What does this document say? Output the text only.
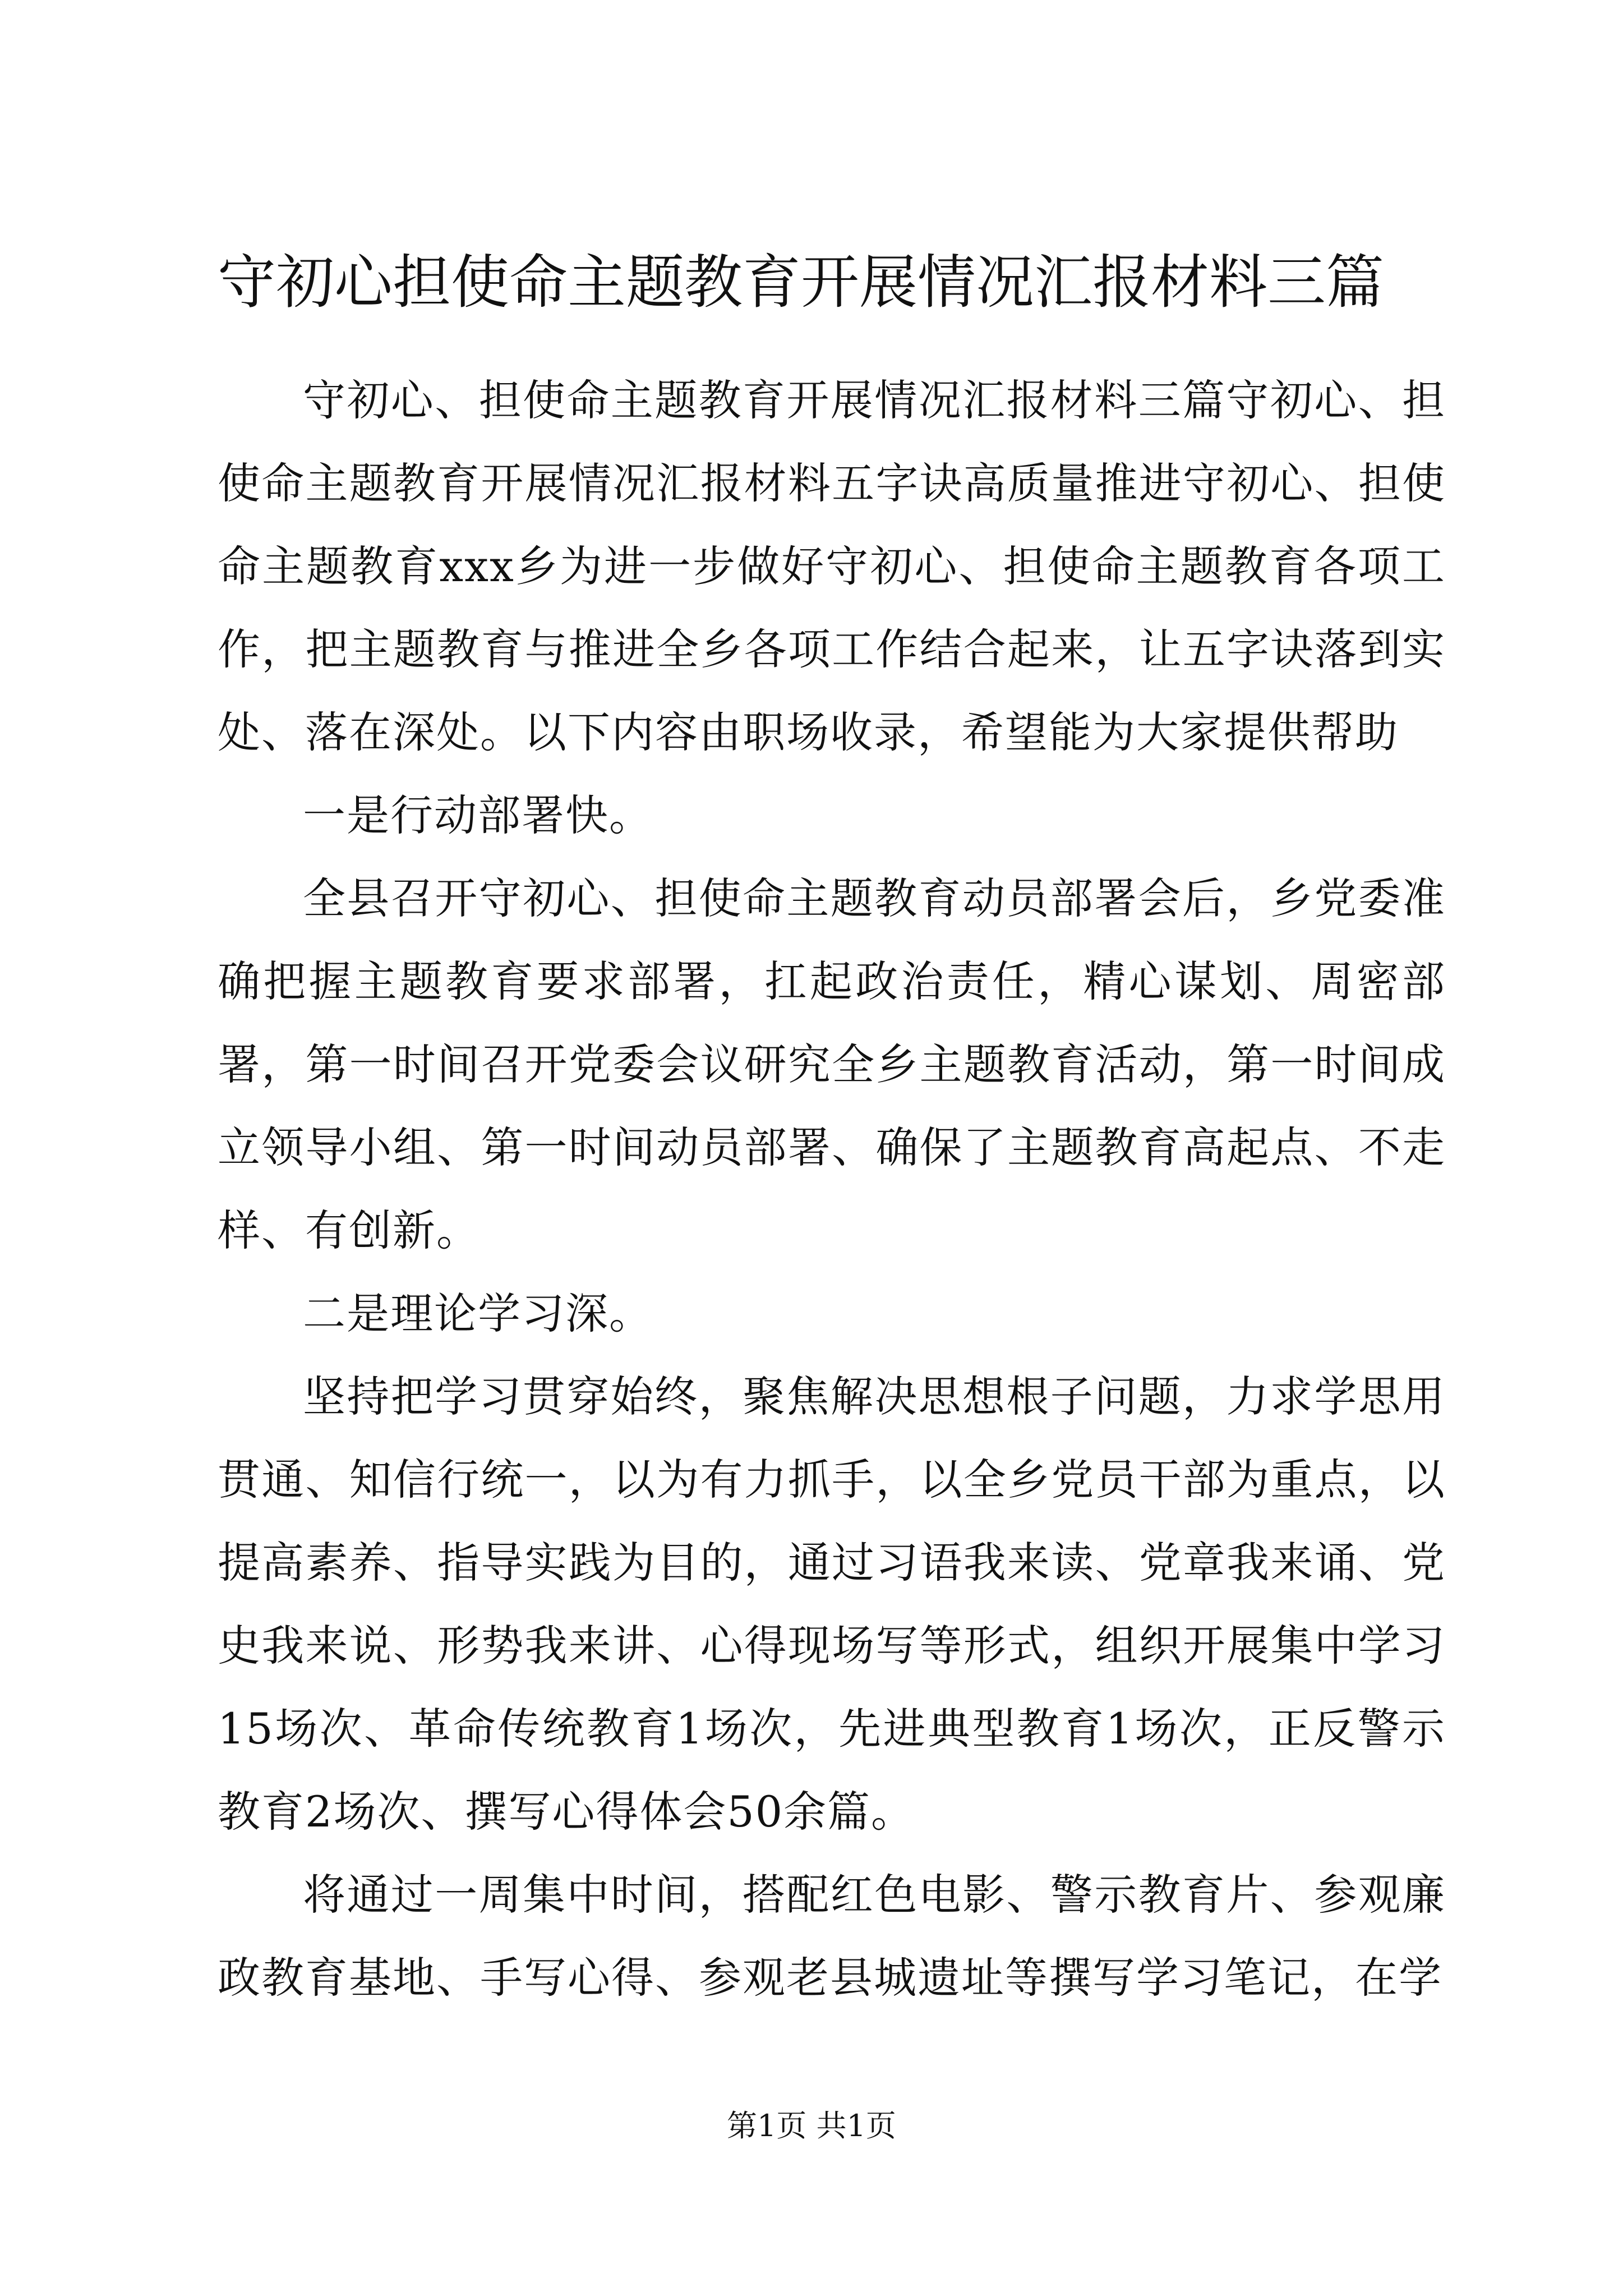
守初心担使命主题教育开展情况汇报材料三篇

守初心、担使命主题教育开展情况汇报材料三篇守初心、担使命主题教育开展情况汇报材料五字诀高质量推进守初心、担使命主题教育xxx乡为进一步做好守初心、担使命主题教育各项工作，把主题教育与推进全乡各项工作结合起来，让五字诀落到实处、落在深处。以下内容由职场收录，希望能为大家提供帮助

一是行动部署快。

全县召开守初心、担使命主题教育动员部署会后，乡党委准确把握主题教育要求部署，扛起政治责任，精心谋划、周密部署，第一时间召开党委会议研究全乡主题教育活动，第一时间成立领导小组、第一时间动员部署、确保了主题教育高起点、不走样、有创新。

二是理论学习深。

坚持把学习贯穿始终，聚焦解决思想根子问题，力求学思用贯通、知信行统一，以为有力抓手，以全乡党员干部为重点，以提高素养、指导实践为目的，通过习语我来读、党章我来诵、党史我来说、形势我来讲、心得现场写等形式，组织开展集中学习15场次、革命传统教育1场次，先进典型教育1场次，正反警示教育2场次、撰写心得体会50余篇。

将通过一周集中时间，搭配红色电影、警示教育片、参观廉政教育基地、手写心得、参观老县城遗址等撰写学习笔记，在学

第1页 共1页
